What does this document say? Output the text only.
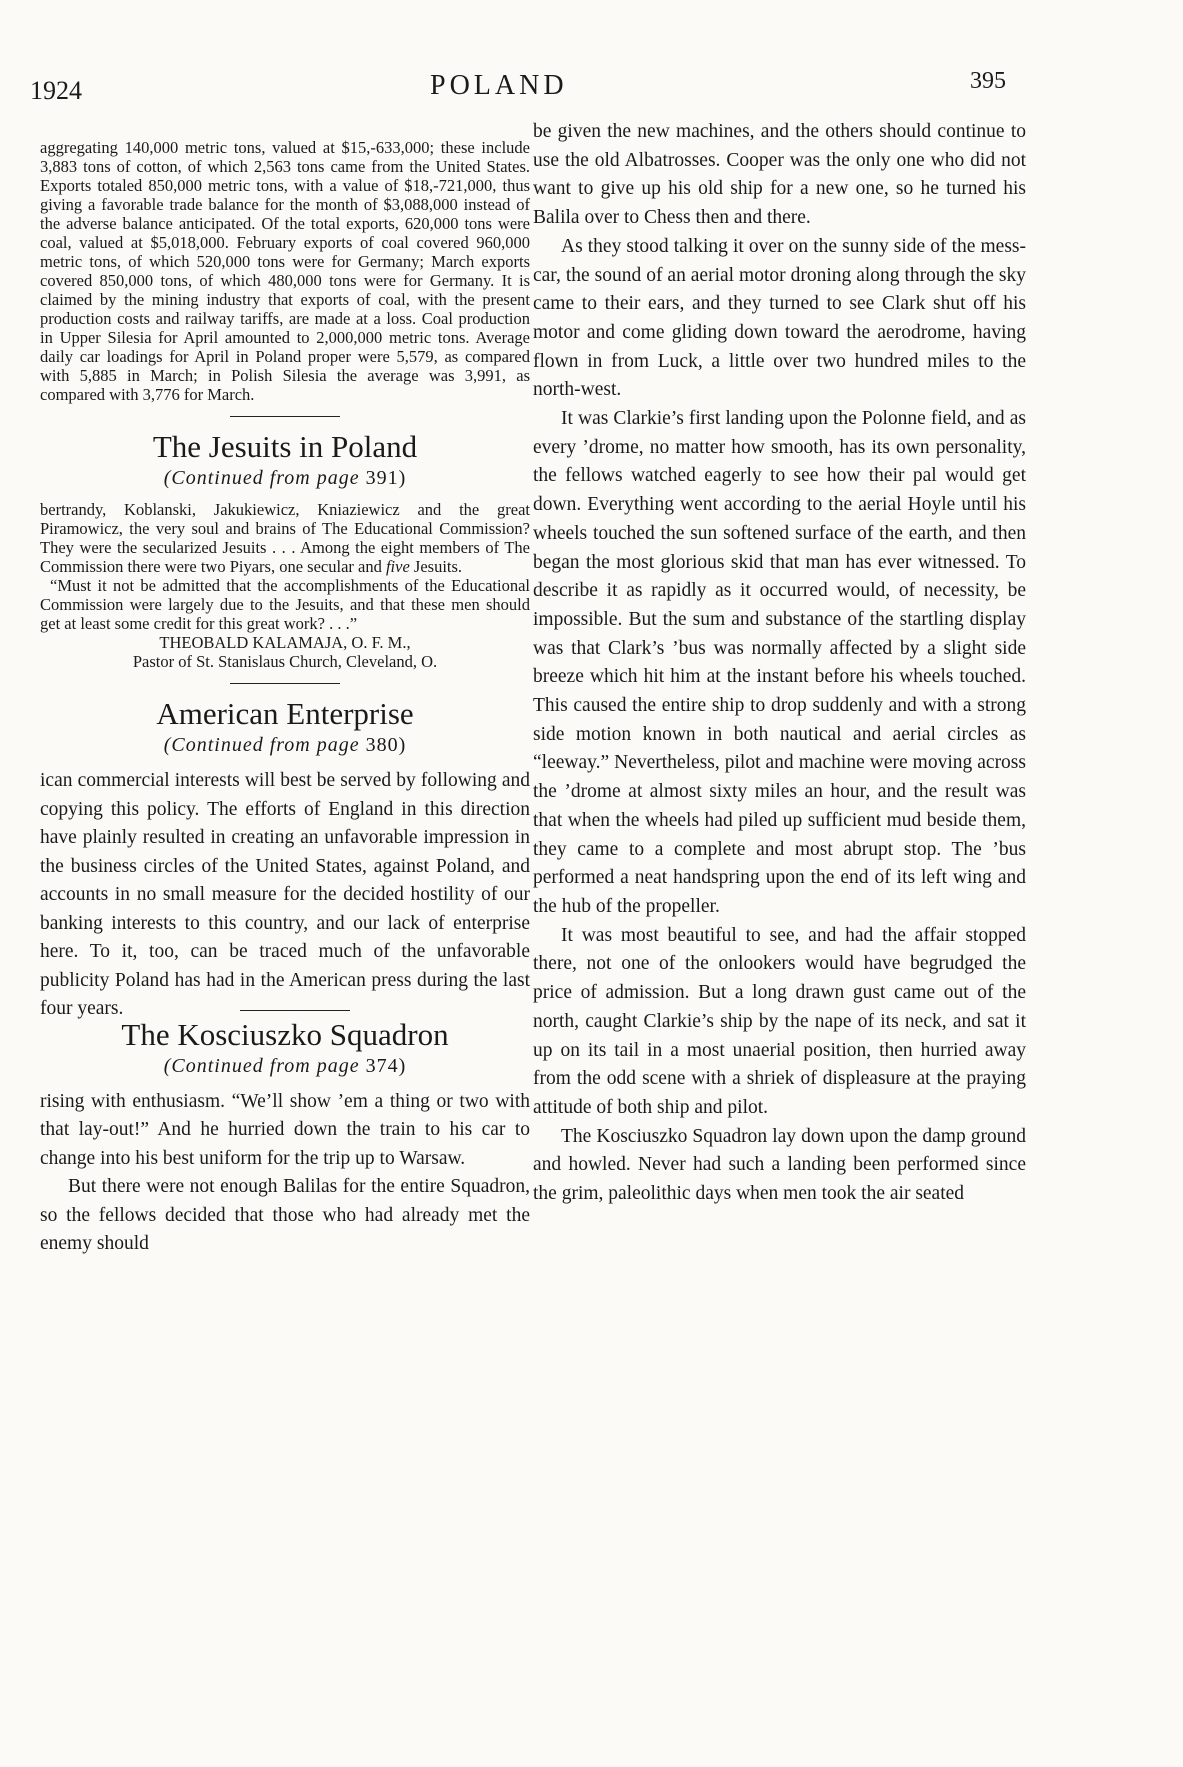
1924	POLAND	395

aggregating 140,000 metric tons, valued at $15,-633,000; these include 3,883 tons of cotton, of which 2,563 tons came from the United States. Exports totaled 850,000 metric tons, with a value of $18,-721,000, thus giving a favorable trade balance for the month of $3,088,000 instead of the adverse balance anticipated. Of the total exports, 620,000 tons were coal, valued at $5,018,000. February exports of coal covered 960,000 metric tons, of which 520,000 tons were for Germany; March exports covered 850,000 tons, of which 480,000 tons were for Germany. It is claimed by the mining industry that exports of coal, with the present production costs and railway tariffs, are made at a loss. Coal production in Upper Silesia for April amounted to 2,000,000 metric tons. Average daily car loadings for April in Poland proper were 5,579, as compared with 5,885 in March; in Polish Silesia the average was 3,991, as compared with 3,776 for March.

The Jesuits in Poland

(Continued from page 391)

bertrandy, Koblanski, Jakukiewicz, Kniaziewicz and the great Piramowicz, the very soul and brains of The Educational Commission? They were the secularized Jesuits . . . Among the eight members of The Commission there were two Piyars, one secular and five Jesuits.

“Must it not be admitted that the accomplishments of the Educational Commission were largely due to the Jesuits, and that these men should get at least some credit for this great work? . . .”

THEOBALD KALAMAJA, O. F. M.,

Pastor of St. Stanislaus Church, Cleveland, O.

American Enterprise

(Continued from page 380)

ican commercial interests will best be served by following and copying this policy. The efforts of England in this direction have plainly resulted in creating an unfavorable impression in the business circles of the United States, against Poland, and accounts in no small measure for the decided hostility of our banking interests to this country, and our lack of enterprise here. To it, too, can be traced much of the unfavorable publicity Poland has had in the American press during the last four years.

The Kosciuszko Squadron

(Continued from page 374)

rising with enthusiasm. “We’ll show ’em a thing or two with that lay-out!” And he hurried down the train to his car to change into his best uniform for the trip up to Warsaw.

But there were not enough Balilas for the entire Squadron, so the fellows decided that those who had already met the enemy should

be given the new machines, and the others should continue to use the old Albatrosses. Cooper was the only one who did not want to give up his old ship for a new one, so he turned his Balila over to Chess then and there.

As they stood talking it over on the sunny side of the mess-car, the sound of an aerial motor droning along through the sky came to their ears, and they turned to see Clark shut off his motor and come gliding down toward the aerodrome, having flown in from Luck, a little over two hundred miles to the north-west.

It was Clarkie’s first landing upon the Polonne field, and as every ’drome, no matter how smooth, has its own personality, the fellows watched eagerly to see how their pal would get down. Everything went according to the aerial Hoyle until his wheels touched the sun softened surface of the earth, and then began the most glorious skid that man has ever witnessed. To describe it as rapidly as it occurred would, of necessity, be impossible. But the sum and substance of the startling display was that Clark’s ’bus was normally affected by a slight side breeze which hit him at the instant before his wheels touched. This caused the entire ship to drop suddenly and with a strong side motion known in both nautical and aerial circles as “leeway.” Nevertheless, pilot and machine were moving across the ’drome at almost sixty miles an hour, and the result was that when the wheels had piled up sufficient mud beside them, they came to a complete and most abrupt stop. The ’bus performed a neat handspring upon the end of its left wing and the hub of the propeller.

It was most beautiful to see, and had the affair stopped there, not one of the onlookers would have begrudged the price of admission. But a long drawn gust came out of the north, caught Clarkie’s ship by the nape of its neck, and sat it up on its tail in a most unaerial position, then hurried away from the odd scene with a shriek of displeasure at the praying attitude of both ship and pilot.

The Kosciuszko Squadron lay down upon the damp ground and howled. Never had such a landing been performed since the grim, paleolithic days when men took the air seated
